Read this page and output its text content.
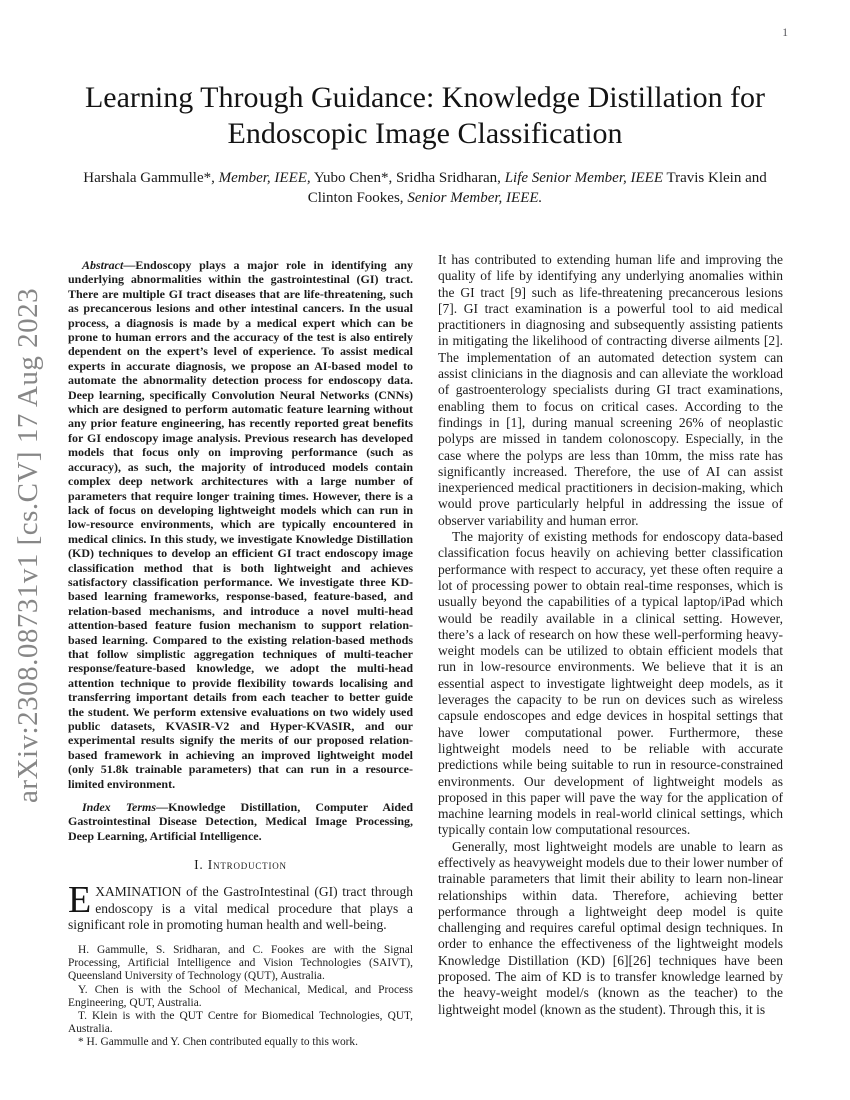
1
arXiv:2308.08731v1 [cs.CV] 17 Aug 2023
Learning Through Guidance: Knowledge Distillation for Endoscopic Image Classification
Harshala Gammulle*, Member, IEEE, Yubo Chen*, Sridha Sridharan, Life Senior Member, IEEE Travis Klein and Clinton Fookes, Senior Member, IEEE.

Abstract—Endoscopy plays a major role in identifying any underlying abnormalities within the gastrointestinal (GI) tract. There are multiple GI tract diseases that are life-threatening, such as precancerous lesions and other intestinal cancers. In the usual process, a diagnosis is made by a medical expert which can be prone to human errors and the accuracy of the test is also entirely dependent on the expert’s level of experience. To assist medical experts in accurate diagnosis, we propose an AI-based model to automate the abnormality detection process for endoscopy data. Deep learning, specifically Convolution Neural Networks (CNNs) which are designed to perform automatic feature learning without any prior feature engineering, has recently reported great benefits for GI endoscopy image analysis. Previous research has developed models that focus only on improving performance (such as accuracy), as such, the majority of introduced models contain complex deep network architectures with a large number of parameters that require longer training times. However, there is a lack of focus on developing lightweight models which can run in low-resource environments, which are typically encountered in medical clinics. In this study, we investigate Knowledge Distillation (KD) techniques to develop an efficient GI tract endoscopy image classification method that is both lightweight and achieves satisfactory classification performance. We investigate three KD-based learning frameworks, response-based, feature-based, and relation-based mechanisms, and introduce a novel multi-head attention-based feature fusion mechanism to support relation-based learning. Compared to the existing relation-based methods that follow simplistic aggregation techniques of multi-teacher response/feature-based knowledge, we adopt the multi-head attention technique to provide flexibility towards localising and transferring important details from each teacher to better guide the student. We perform extensive evaluations on two widely used public datasets, KVASIR-V2 and Hyper-KVASIR, and our experimental results signify the merits of our proposed relation-based framework in achieving an improved lightweight model (only 51.8k trainable parameters) that can run in a resource-limited environment.

Index Terms—Knowledge Distillation, Computer Aided Gastrointestinal Disease Detection, Medical Image Processing, Deep Learning, Artificial Intelligence.

I. Introduction

EXAMINATION of the GastroIntestinal (GI) tract through endoscopy is a vital medical procedure that plays a significant role in promoting human health and well-being.

It has contributed to extending human life and improving the quality of life by identifying any underlying anomalies within the GI tract [9] such as life-threatening precancerous lesions [7]. GI tract examination is a powerful tool to aid medical practitioners in diagnosing and subsequently assisting patients in mitigating the likelihood of contracting diverse ailments [2]. The implementation of an automated detection system can assist clinicians in the diagnosis and can alleviate the workload of gastroenterology specialists during GI tract examinations, enabling them to focus on critical cases. According to the findings in [1], during manual screening 26% of neoplastic polyps are missed in tandem colonoscopy. Especially, in the case where the polyps are less than 10mm, the miss rate has significantly increased. Therefore, the use of AI can assist inexperienced medical practitioners in decision-making, which would prove particularly helpful in addressing the issue of observer variability and human error.

The majority of existing methods for endoscopy data-based classification focus heavily on achieving better classification performance with respect to accuracy, yet these often require a lot of processing power to obtain real-time responses, which is usually beyond the capabilities of a typical laptop/iPad which would be readily available in a clinical setting. However, there’s a lack of research on how these well-performing heavy-weight models can be utilized to obtain efficient models that run in low-resource environments. We believe that it is an essential aspect to investigate lightweight deep models, as it leverages the capacity to be run on devices such as wireless capsule endoscopes and edge devices in hospital settings that have lower computational power. Furthermore, these lightweight models need to be reliable with accurate predictions while being suitable to run in resource-constrained environments. Our development of lightweight models as proposed in this paper will pave the way for the application of machine learning models in real-world clinical settings, which typically contain low computational resources.

Generally, most lightweight models are unable to learn as effectively as heavyweight models due to their lower number of trainable parameters that limit their ability to learn non-linear relationships within data. Therefore, achieving better performance through a lightweight deep model is quite challenging and requires careful optimal design techniques. In order to enhance the effectiveness of the lightweight models Knowledge Distillation (KD) [6][26] techniques have been proposed. The aim of KD is to transfer knowledge learned by the heavy-weight model/s (known as the teacher) to the lightweight model (known as the student). Through this, it is

H. Gammulle, S. Sridharan, and C. Fookes are with the Signal Processing, Artificial Intelligence and Vision Technologies (SAIVT), Queensland University of Technology (QUT), Australia.

Y. Chen is with the School of Mechanical, Medical, and Process Engineering, QUT, Australia.

T. Klein is with the QUT Centre for Biomedical Technologies, QUT, Australia.

* H. Gammulle and Y. Chen contributed equally to this work.
